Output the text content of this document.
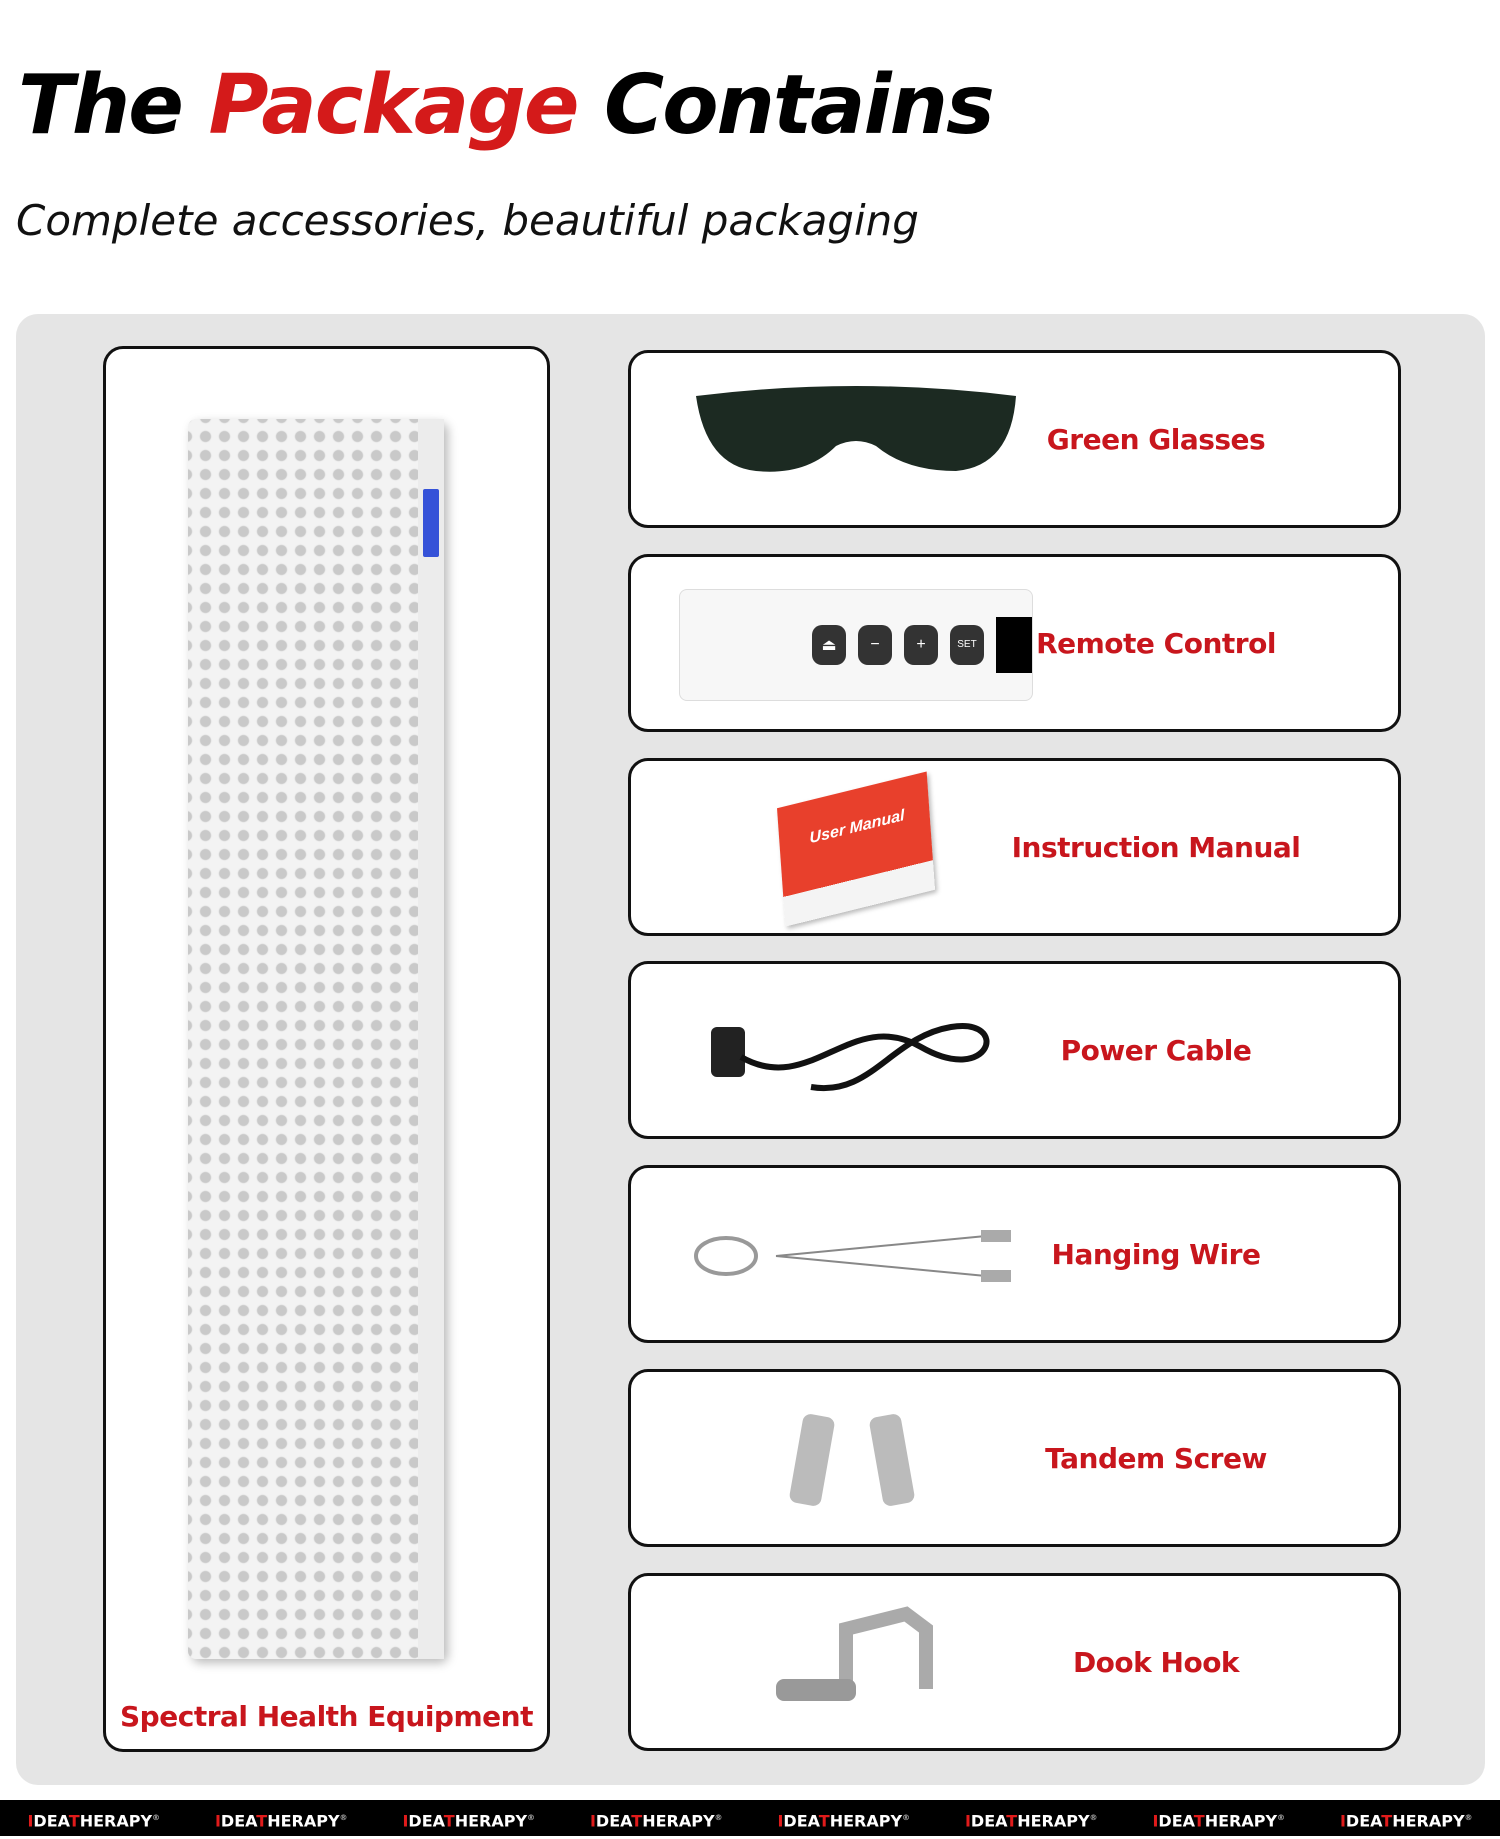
The Package Contains
Complete accessories, beautiful packaging
Spectral Health Equipment
Green Glasses
⏏	−	+	SET Remote Control
User Manual
Instruction Manual
Power Cable
Hanging Wire
Tandem Screw
Dook Hook
IDEATHERAPY®	IDEATHERAPY®	IDEATHERAPY®	IDEATHERAPY®	IDEATHERAPY®	IDEATHERAPY®	IDEATHERAPY®	IDEATHERAPY®
